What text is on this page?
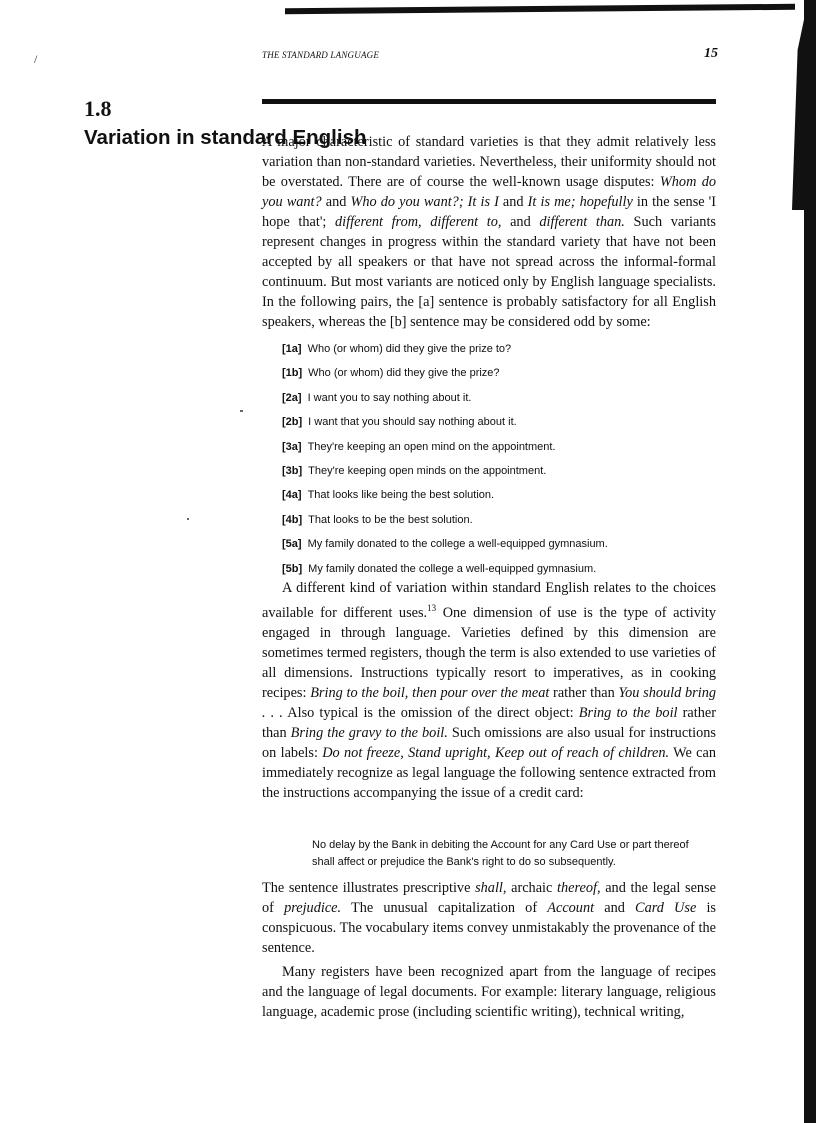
/	THE STANDARD LANGUAGE	15
1.8
Variation in standard English
A major characteristic of standard varieties is that they admit relatively less variation than non-standard varieties. Nevertheless, their uniformity should not be overstated. There are of course the well-known usage disputes: Whom do you want? and Who do you want?; It is I and It is me; hopefully in the sense 'I hope that'; different from, different to, and different than. Such variants represent changes in progress within the standard variety that have not been accepted by all speakers or that have not spread across the informal-formal continuum. But most variants are noticed only by English language specialists. In the following pairs, the [a] sentence is probably satisfactory for all English speakers, whereas the [b] sentence may be considered odd by some:
[1a] Who (or whom) did they give the prize to?
[1b] Who (or whom) did they give the prize?
[2a] I want you to say nothing about it.
[2b] I want that you should say nothing about it.
[3a] They're keeping an open mind on the appointment.
[3b] They're keeping open minds on the appointment.
[4a] That looks like being the best solution.
[4b] That looks to be the best solution.
[5a] My family donated to the college a well-equipped gymnasium.
[5b] My family donated the college a well-equipped gymnasium.
A different kind of variation within standard English relates to the choices available for different uses.$^{13}$ One dimension of use is the type of activity engaged in through language. Varieties defined by this dimension are sometimes termed registers, though the term is also extended to use varieties of all dimensions. Instructions typically resort to imperatives, as in cooking recipes: Bring to the boil, then pour over the meat rather than You should bring . . . Also typical is the omission of the direct object: Bring to the boil rather than Bring the gravy to the boil. Such omissions are also usual for instructions on labels: Do not freeze, Stand upright, Keep out of reach of children. We can immediately recognize as legal language the following sentence extracted from the instructions accompanying the issue of a credit card:
No delay by the Bank in debiting the Account for any Card Use or part thereof shall affect or prejudice the Bank's right to do so subsequently.
The sentence illustrates prescriptive shall, archaic thereof, and the legal sense of prejudice. The unusual capitalization of Account and Card Use is conspicuous. The vocabulary items convey unmistakably the provenance of the sentence.
Many registers have been recognized apart from the language of recipes and the language of legal documents. For example: literary language, religious language, academic prose (including scientific writing), technical writing,
